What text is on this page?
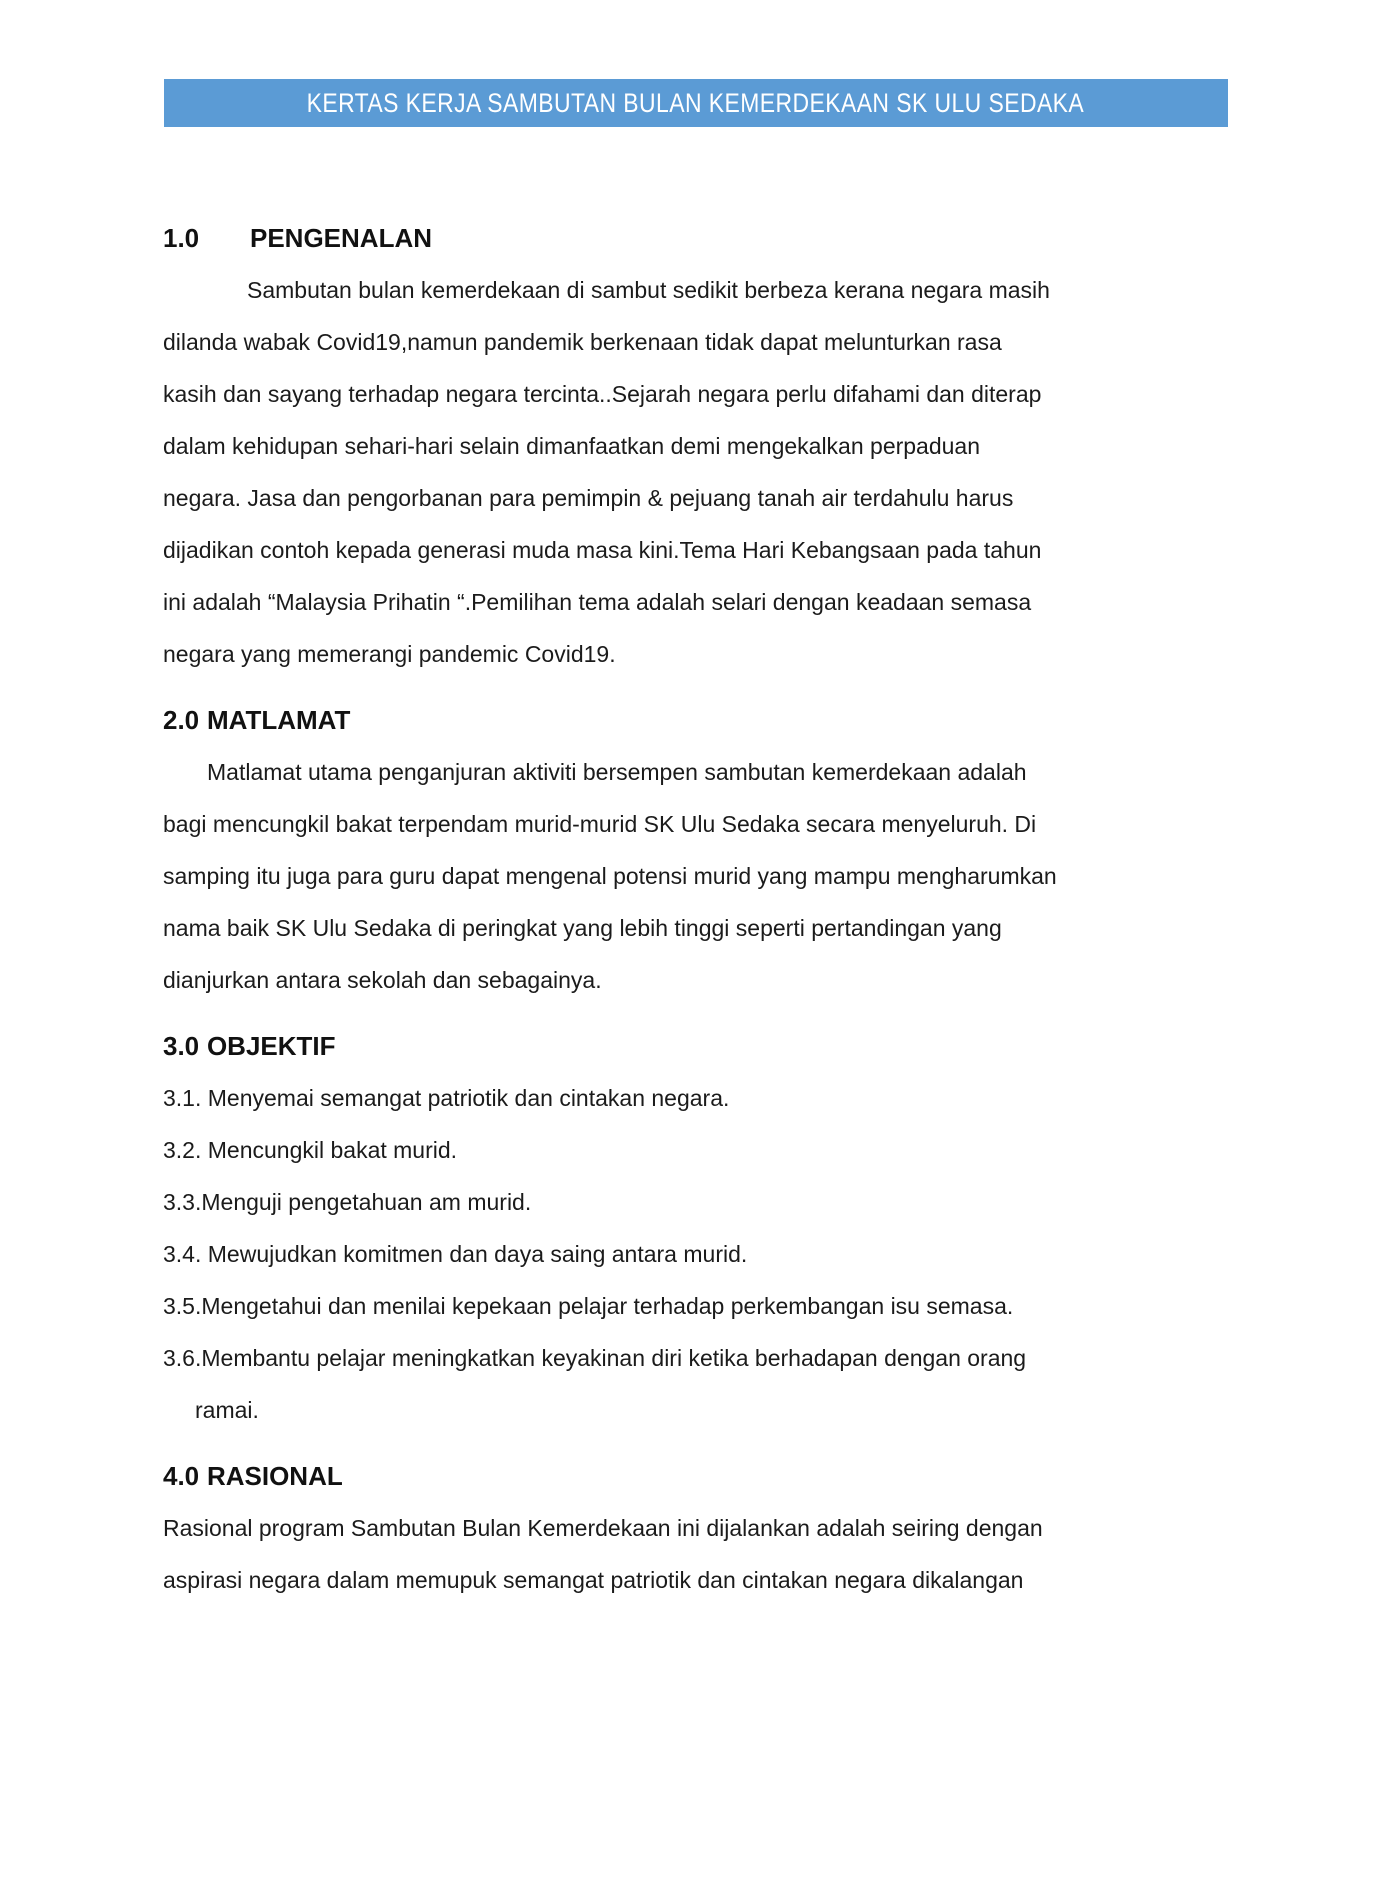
KERTAS KERJA SAMBUTAN BULAN KEMERDEKAAN SK ULU SEDAKA
1.0 PENGENALAN
Sambutan bulan kemerdekaan di sambut sedikit berbeza kerana negara masih
dilanda wabak Covid19,namun pandemik berkenaan tidak dapat melunturkan rasa
kasih dan sayang terhadap negara tercinta..Sejarah negara perlu difahami dan diterap
dalam kehidupan sehari-hari selain dimanfaatkan demi mengekalkan perpaduan
negara. Jasa dan pengorbanan para pemimpin & pejuang tanah air terdahulu harus
dijadikan contoh kepada generasi muda masa kini.Tema Hari Kebangsaan pada tahun
ini adalah “Malaysia Prihatin “.Pemilihan tema adalah selari dengan keadaan semasa
negara yang memerangi pandemic Covid19.
2.0 MATLAMAT
Matlamat utama penganjuran aktiviti bersempen sambutan kemerdekaan adalah
bagi mencungkil bakat terpendam murid-murid SK Ulu Sedaka secara menyeluruh. Di
samping itu juga para guru dapat mengenal potensi murid yang mampu mengharumkan
nama baik SK Ulu Sedaka di peringkat yang lebih tinggi seperti pertandingan yang
dianjurkan antara sekolah dan sebagainya.
3.0 OBJEKTIF
3.1. Menyemai semangat patriotik dan cintakan negara.
3.2. Mencungkil bakat murid.
3.3.Menguji pengetahuan am murid.
3.4. Mewujudkan komitmen dan daya saing antara murid.
3.5.Mengetahui dan menilai kepekaan pelajar terhadap perkembangan isu semasa.
3.6.Membantu pelajar meningkatkan keyakinan diri ketika berhadapan dengan orang
ramai.
4.0 RASIONAL
Rasional program Sambutan Bulan Kemerdekaan ini dijalankan adalah seiring dengan
aspirasi negara dalam memupuk semangat patriotik dan cintakan negara dikalangan
